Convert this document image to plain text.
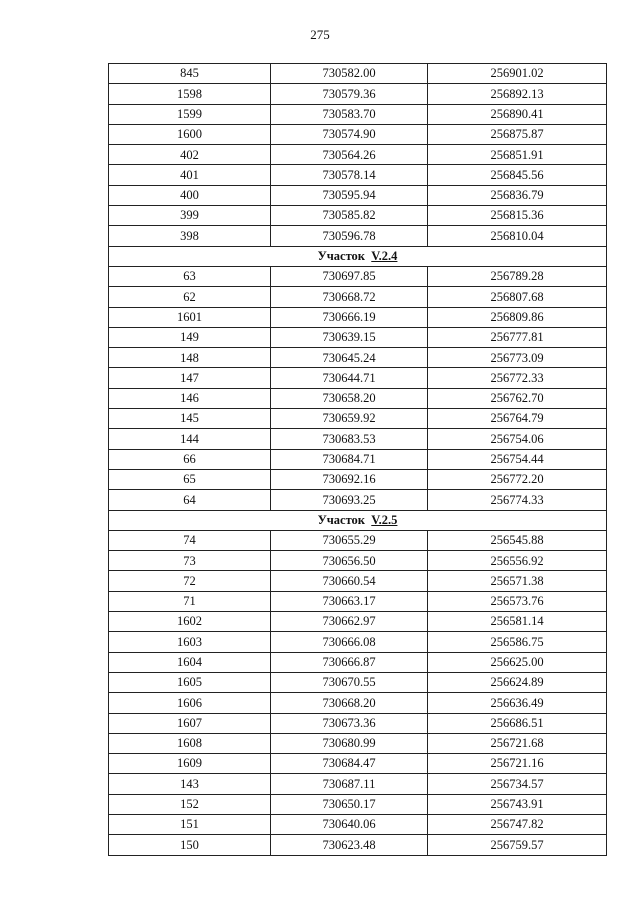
275
845	730582.00	256901.02
1598	730579.36	256892.13
1599	730583.70	256890.41
1600	730574.90	256875.87
402	730564.26	256851.91
401	730578.14	256845.56
400	730595.94	256836.79
399	730585.82	256815.36
398	730596.78	256810.04
Участок V.2.4		
63	730697.85	256789.28
62	730668.72	256807.68
1601	730666.19	256809.86
149	730639.15	256777.81
148	730645.24	256773.09
147	730644.71	256772.33
146	730658.20	256762.70
145	730659.92	256764.79
144	730683.53	256754.06
66	730684.71	256754.44
65	730692.16	256772.20
64	730693.25	256774.33
Участок V.2.5		
74	730655.29	256545.88
73	730656.50	256556.92
72	730660.54	256571.38
71	730663.17	256573.76
1602	730662.97	256581.14
1603	730666.08	256586.75
1604	730666.87	256625.00
1605	730670.55	256624.89
1606	730668.20	256636.49
1607	730673.36	256686.51
1608	730680.99	256721.68
1609	730684.47	256721.16
143	730687.11	256734.57
152	730650.17	256743.91
151	730640.06	256747.82
150	730623.48	256759.57
